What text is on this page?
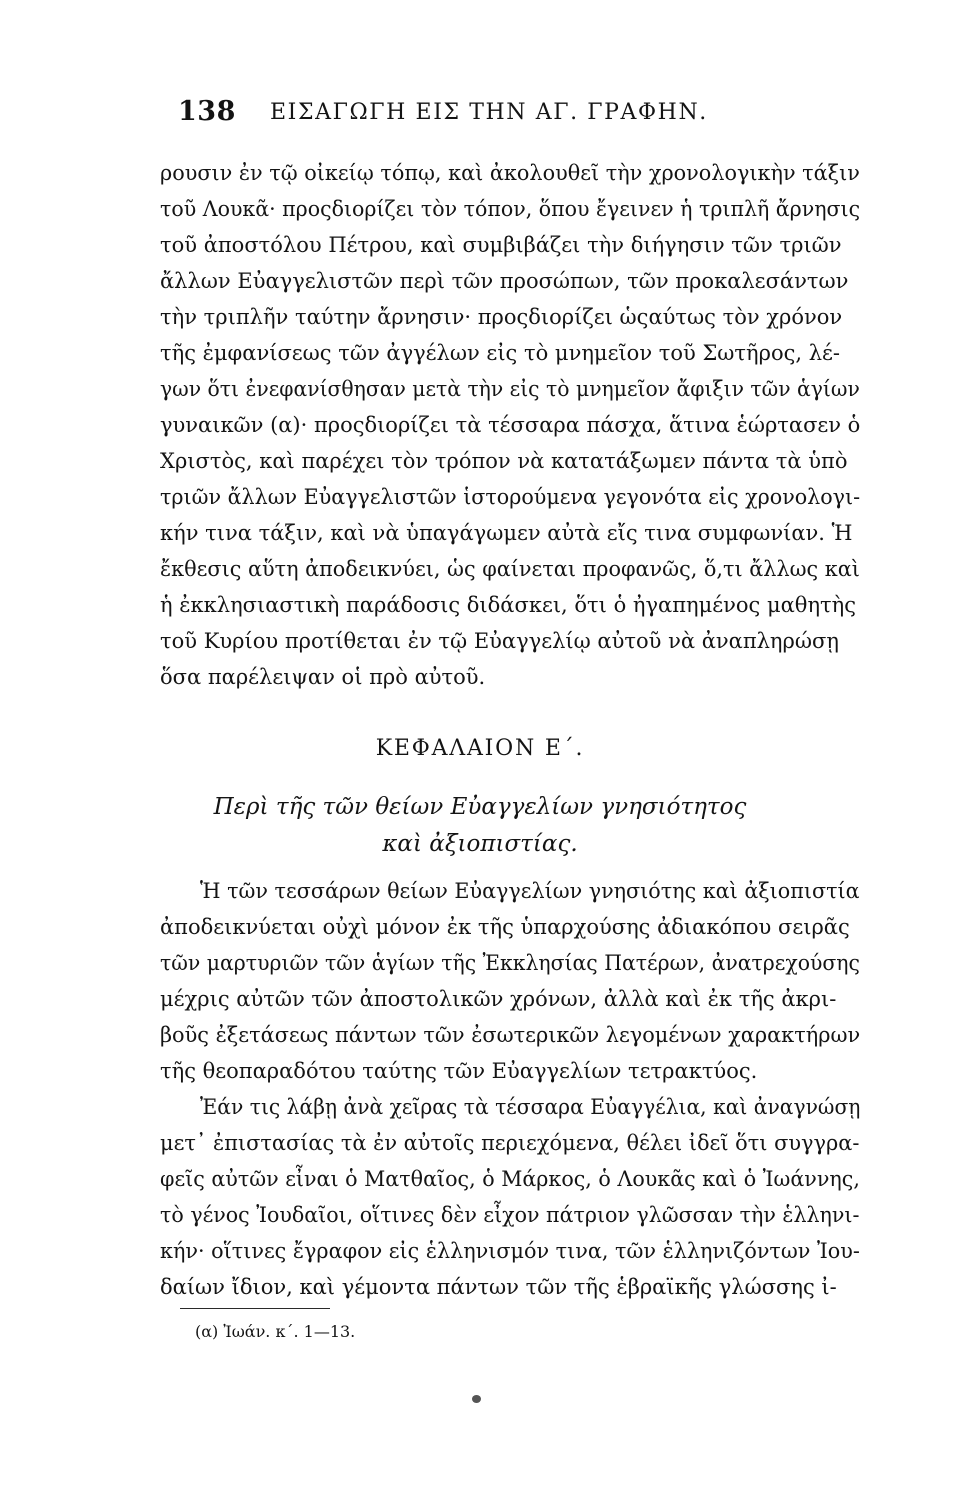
138 ΕΙΣΑΓΩΓΗ ΕΙΣ ΤΗΝ ΑΓ. ΓΡΑΦΗΝ.
ρουσιν ἐν τῷ οἰκείῳ τόπῳ, καὶ ἀκολουθεῖ τὴν χρονολογικὴν τάξιν
τοῦ Λουκᾶ· προςδιορίζει τὸν τόπον, ὅπου ἔγεινεν ἡ τριπλῆ ἄρνησις
τοῦ ἀποστόλου Πέτρου, καὶ συμβιβάζει τὴν διήγησιν τῶν τριῶν
ἄλλων Εὐαγγελιστῶν περὶ τῶν προσώπων, τῶν προκαλεσάντων
τὴν τριπλῆν ταύτην ἄρνησιν· προςδιορίζει ὡςαύτως τὸν χρόνον
τῆς ἐμφανίσεως τῶν ἀγγέλων εἰς τὸ μνημεῖον τοῦ Σωτῆρος, λέ-
γων ὅτι ἐνεφανίσθησαν μετὰ τὴν εἰς τὸ μνημεῖον ἄφιξιν τῶν ἁγίων
γυναικῶν (α)· προςδιορίζει τὰ τέσσαρα πάσχα, ἅτινα ἑώρτασεν ὁ
Χριστὸς, καὶ παρέχει τὸν τρόπον νὰ κατατάξωμεν πάντα τὰ ὑπὸ
τριῶν ἄλλων Εὐαγγελιστῶν ἱστορούμενα γεγονότα εἰς χρονολογι-
κήν τινα τάξιν, καὶ νὰ ὑπαγάγωμεν αὐτὰ εἴς τινα συμφωνίαν. Ἡ
ἔκθεσις αὕτη ἀποδεικνύει, ὡς φαίνεται προφανῶς, ὅ,τι ἄλλως καὶ
ἡ ἐκκλησιαστικὴ παράδοσις διδάσκει, ὅτι ὁ ἠγαπημένος μαθητὴς
τοῦ Κυρίου προτίθεται ἐν τῷ Εὐαγγελίῳ αὐτοῦ νὰ ἀναπληρώσῃ
ὅσα παρέλειψαν οἱ πρὸ αὐτοῦ.
ΚΕΦΑΛΑΙΟΝ Ε΄.
Περὶ τῆς τῶν θείων Εὐαγγελίων γνησιότητος
καὶ ἀξιοπιστίας.
Ἡ τῶν τεσσάρων θείων Εὐαγγελίων γνησιότης καὶ ἀξιοπιστία
ἀποδεικνύεται οὐχὶ μόνον ἐκ τῆς ὑπαρχούσης ἀδιακόπου σειρᾶς
τῶν μαρτυριῶν τῶν ἁγίων τῆς Ἐκκλησίας Πατέρων, ἀνατρεχούσης
μέχρις αὐτῶν τῶν ἀποστολικῶν χρόνων, ἀλλὰ καὶ ἐκ τῆς ἀκρι-
βοῦς ἐξετάσεως πάντων τῶν ἐσωτερικῶν λεγομένων χαρακτήρων
τῆς θεοπαραδότου ταύτης τῶν Εὐαγγελίων τετρακτύος.
Ἐάν τις λάβῃ ἀνὰ χεῖρας τὰ τέσσαρα Εὐαγγέλια, καὶ ἀναγνώσῃ
μετ᾽ ἐπιστασίας τὰ ἐν αὐτοῖς περιεχόμενα, θέλει ἰδεῖ ὅτι συγγρα-
φεῖς αὐτῶν εἶναι ὁ Ματθαῖος, ὁ Μάρκος, ὁ Λουκᾶς καὶ ὁ Ἰωάννης,
τὸ γένος Ἰουδαῖοι, οἵτινες δὲν εἶχον πάτριον γλῶσσαν τὴν ἑλληνι-
κήν· οἵτινες ἔγραφον εἰς ἑλληνισμόν τινα, τῶν ἑλληνιζόντων Ἰου-
δαίων ἴδιον, καὶ γέμοντα πάντων τῶν τῆς ἑβραϊκῆς γλώσσης ἰ-
(α) Ἰωάν. κ΄. 1—13.
